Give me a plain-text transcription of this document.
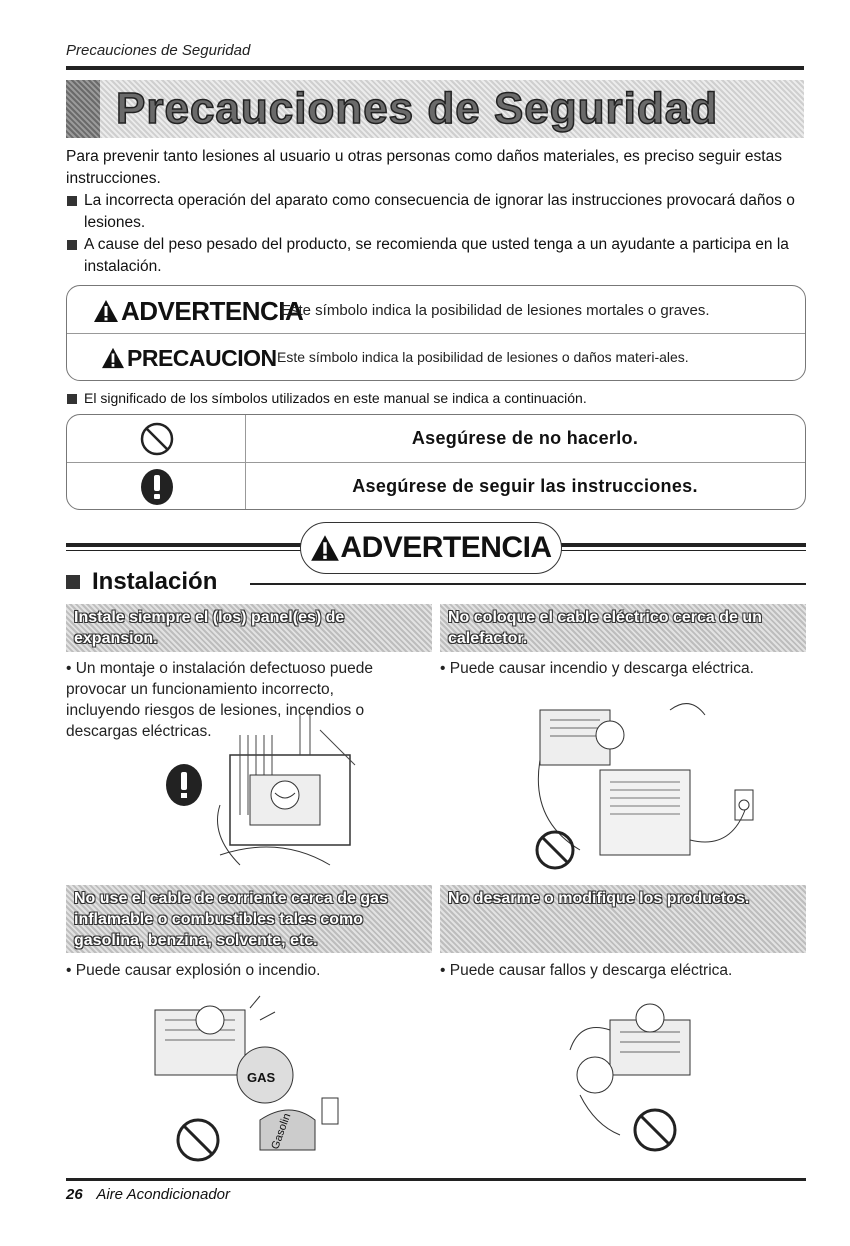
Precauciones de Seguridad
Precauciones de Seguridad
Para prevenir tanto lesiones al usuario u otras personas como daños materiales, es preciso seguir estas instrucciones.
La incorrecta operación del aparato como consecuencia de ignorar las instrucciones provocará daños o lesiones.
A cause del peso pesado del producto, se recomienda que usted tenga a un ayudante a participa en la instalación.
ADVERTENCIA
Este símbolo indica la posibilidad de lesiones mortales o graves.
PRECAUCION Este símbolo indica la posibilidad de lesiones o daños materi-ales.
El significado de los símbolos utilizados en este manual se indica a continuación.
Asegúrese de no hacerlo.
Asegúrese de seguir las instrucciones.
ADVERTENCIA
Instalación
Instale siempre el (los) panel(es) de expansion.
• Un montaje o instalación defectuoso puede provocar un funcionamiento incorrecto, incluyendo riesgos de lesiones, incendios o descargas eléctricas.
No coloque el cable eléctrico cerca de un calefactor.
• Puede causar incendio y descarga eléctrica.
No use el cable de corriente cerca de gas inflamable o combustibles tales como gasolina, benzina, solvente, etc.
• Puede causar explosión o incendio.
GAS
Gasolin
No desarme o modifique los productos.
• Puede causar fallos y descarga eléctrica.
26 Aire Acondicionador
